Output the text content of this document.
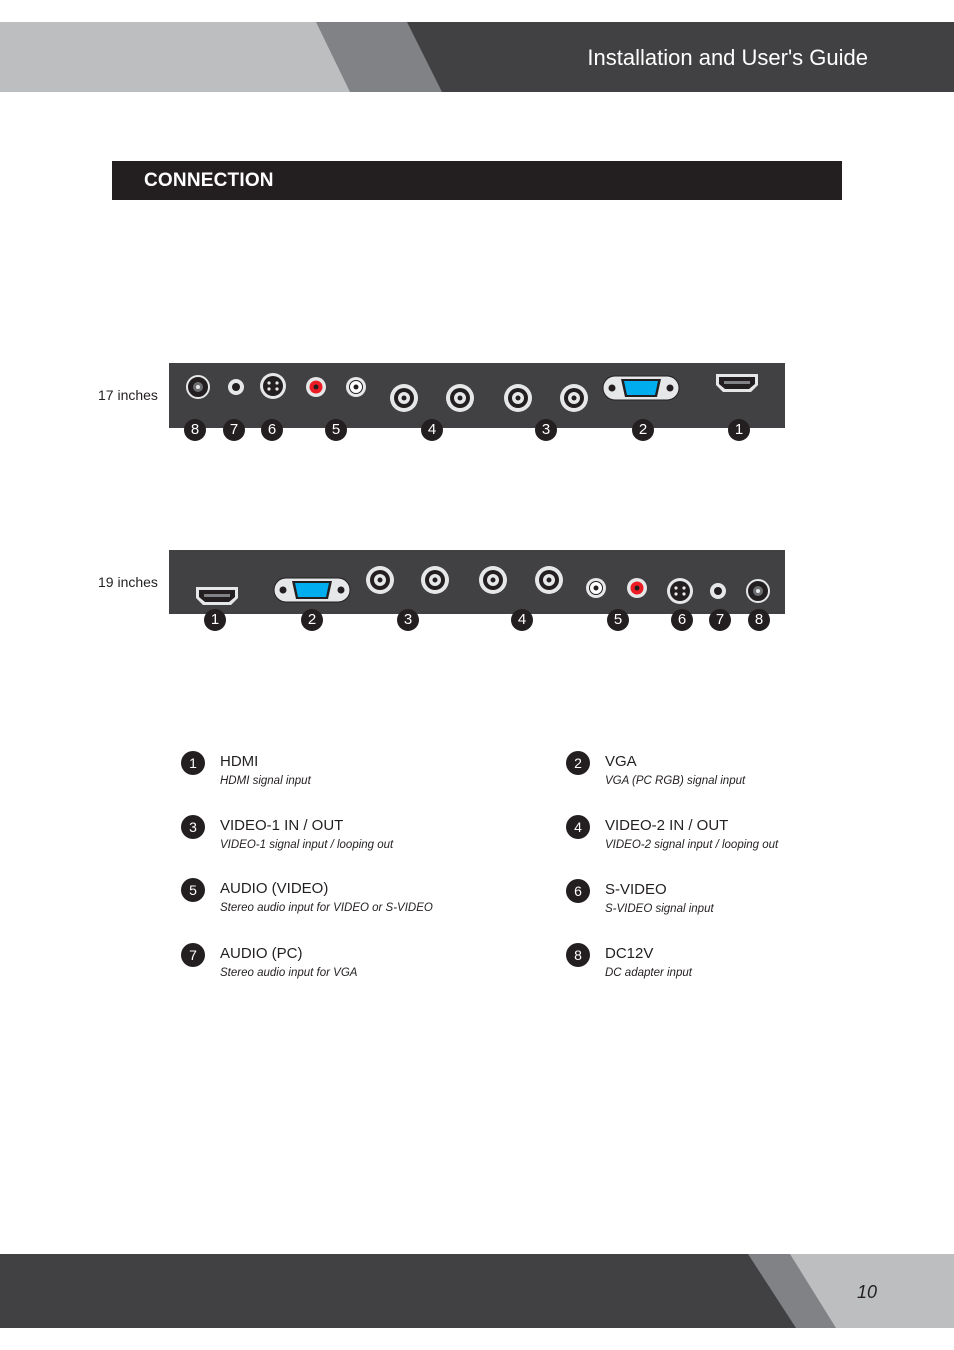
Installation and User's Guide
CONNECTION
17 inches
8	7	6	5	4	3	2	1
19 inches
1	2	3	4	5	6	7	8
1	HDMI
HDMI signal input
2	VGA
VGA (PC RGB) signal input
3	VIDEO-1 IN / OUT
VIDEO-1 signal input / looping out
4	VIDEO-2 IN / OUT
VIDEO-2 signal input / looping out
5	AUDIO (VIDEO)
Stereo audio input for VIDEO or S-VIDEO
6	S-VIDEO
S-VIDEO signal input
7	AUDIO (PC)
Stereo audio input for VGA
8	DC12V
DC adapter input
10
